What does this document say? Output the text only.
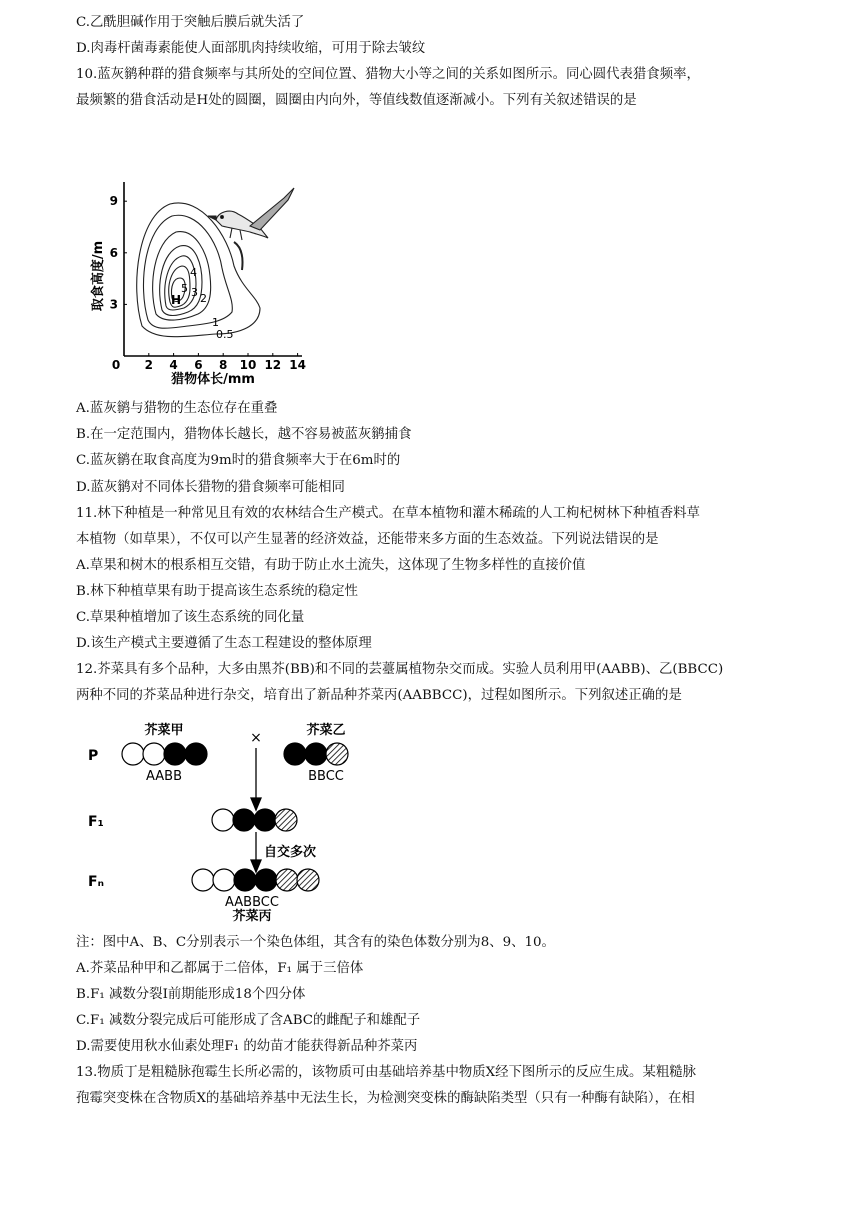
C.乙酰胆碱作用于突触后膜后就失活了
D.肉毒杆菌毒素能使人面部肌肉持续收缩，可用于除去皱纹
10.蓝灰鹟种群的猎食频率与其所处的空间位置、猎物大小等之间的关系如图所示。同心圆代表猎食频率，
最频繁的猎食活动是H处的圆圈，圆圈由内向外，等值线数值逐渐减小。下列有关叙述错误的是
取食高度/m
0 2 4 6 8 10 12 14
3
6
9
H
5
4
3 2
1
0.5
猎物体长/mm
A.蓝灰鹟与猎物的生态位存在重叠
B.在一定范围内，猎物体长越长，越不容易被蓝灰鹟捕食
C.蓝灰鹟在取食高度为9m时的猎食频率大于在6m时的
D.蓝灰鹟对不同体长猎物的猎食频率可能相同
11.林下种植是一种常见且有效的农林结合生产模式。在草本植物和灌木稀疏的人工枸杞树林下种植香料草
本植物（如草果），不仅可以产生显著的经济效益，还能带来多方面的生态效益。下列说法错误的是
A.草果和树木的根系相互交错，有助于防止水土流失，这体现了生物多样性的直接价值
B.林下种植草果有助于提高该生态系统的稳定性
C.草果种植增加了该生态系统的同化量
D.该生产模式主要遵循了生态工程建设的整体原理
12.芥菜具有多个品种，大多由黑芥(BB)和不同的芸薹属植物杂交而成。实验人员利用甲(AABB)、乙(BBCC)
两种不同的芥菜品种进行杂交，培育出了新品种芥菜丙(AABBCC)，过程如图所示。下列叙述正确的是
P
F₁
Fₙ
芥菜甲
AABB
×	芥菜乙
BBCC
自交多次
AABBCC
芥菜丙
注：图中A、B、C分别表示一个染色体组，其含有的染色体数分别为8、9、10。
A.芥菜品种甲和乙都属于二倍体，F₁ 属于三倍体
B.F₁ 减数分裂Ⅰ前期能形成18个四分体
C.F₁ 减数分裂完成后可能形成了含ABC的雌配子和雄配子
D.需要使用秋水仙素处理F₁ 的幼苗才能获得新品种芥菜丙
13.物质丁是粗糙脉孢霉生长所必需的，该物质可由基础培养基中物质X经下图所示的反应生成。某粗糙脉
孢霉突变株在含物质X的基础培养基中无法生长，为检测突变株的酶缺陷类型（只有一种酶有缺陷），在相
